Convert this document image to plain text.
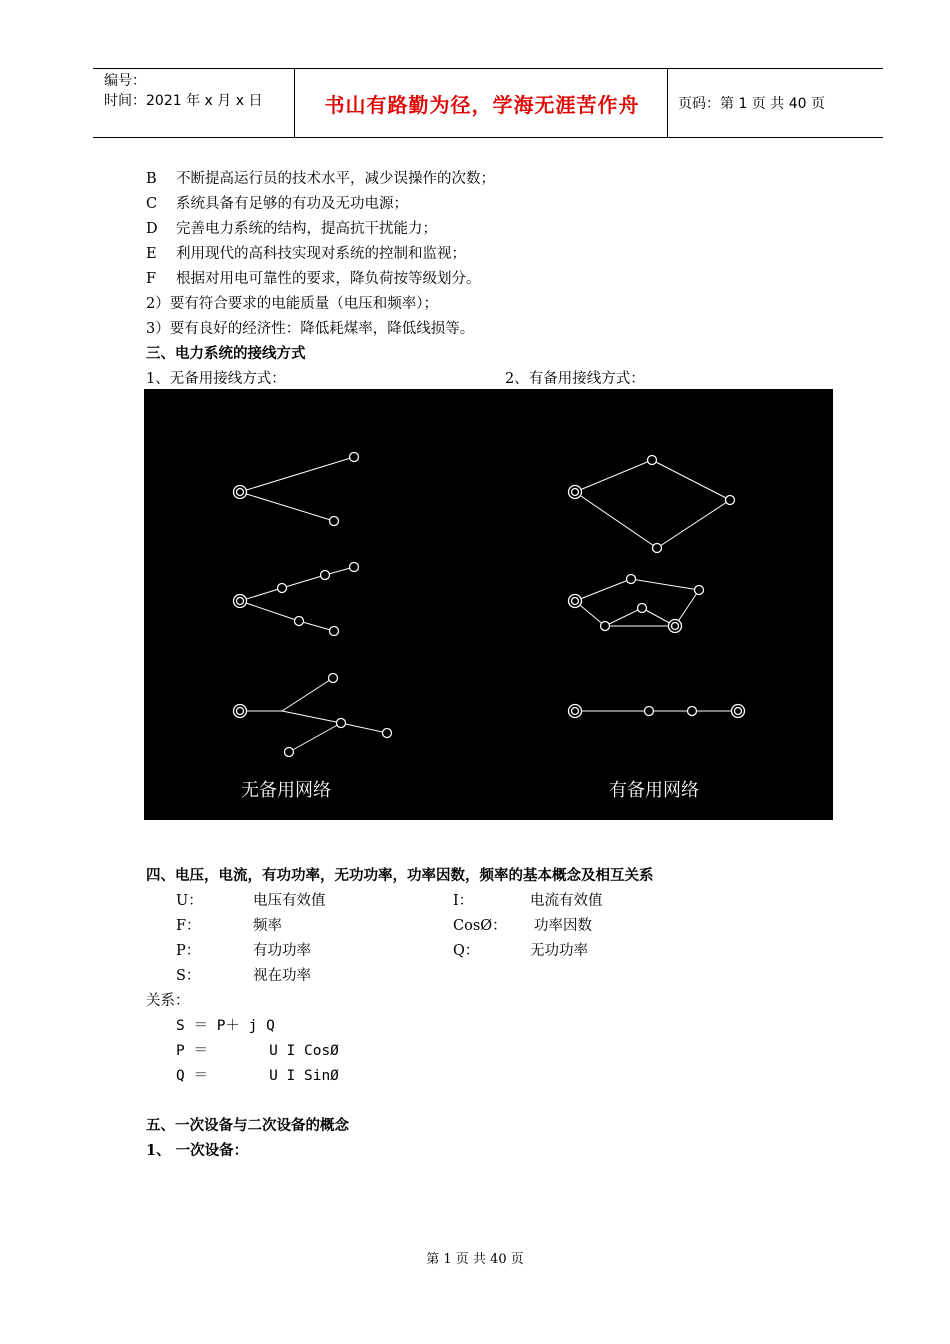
编号：
时间：2021 年 x 月 x 日	书山有路勤为径，学海无涯苦作舟	页码：第 1 页 共 40 页
B 不断提高运行员的技术水平，减少误操作的次数；
C 系统具备有足够的有功及无功电源；
D 完善电力系统的结构，提高抗干扰能力；
E 利用现代的高科技实现对系统的控制和监视；
F 根据对用电可靠性的要求，降负荷按等级划分。
2）要有符合要求的电能质量（电压和频率）；
3）要有良好的经济性：降低耗煤率，降低线损等。
三、电力系统的接线方式
1、无备用接线方式：	2、有备用接线方式：
无备用网络	有备用网络
四、电压，电流，有功功率，无功功率，功率因数，频率的基本概念及相互关系
U：	电压有效值	I：	电流有效值
F：	频率	CosØ： 功率因数
P：	有功功率	Q：	无功功率
S：	视在功率
关系：
S ＝ P＋ j Q
P ＝       U I CosØ
Q ＝       U I SinØ
五、一次设备与二次设备的概念
1、 一次设备：
第 1 页 共 40 页
